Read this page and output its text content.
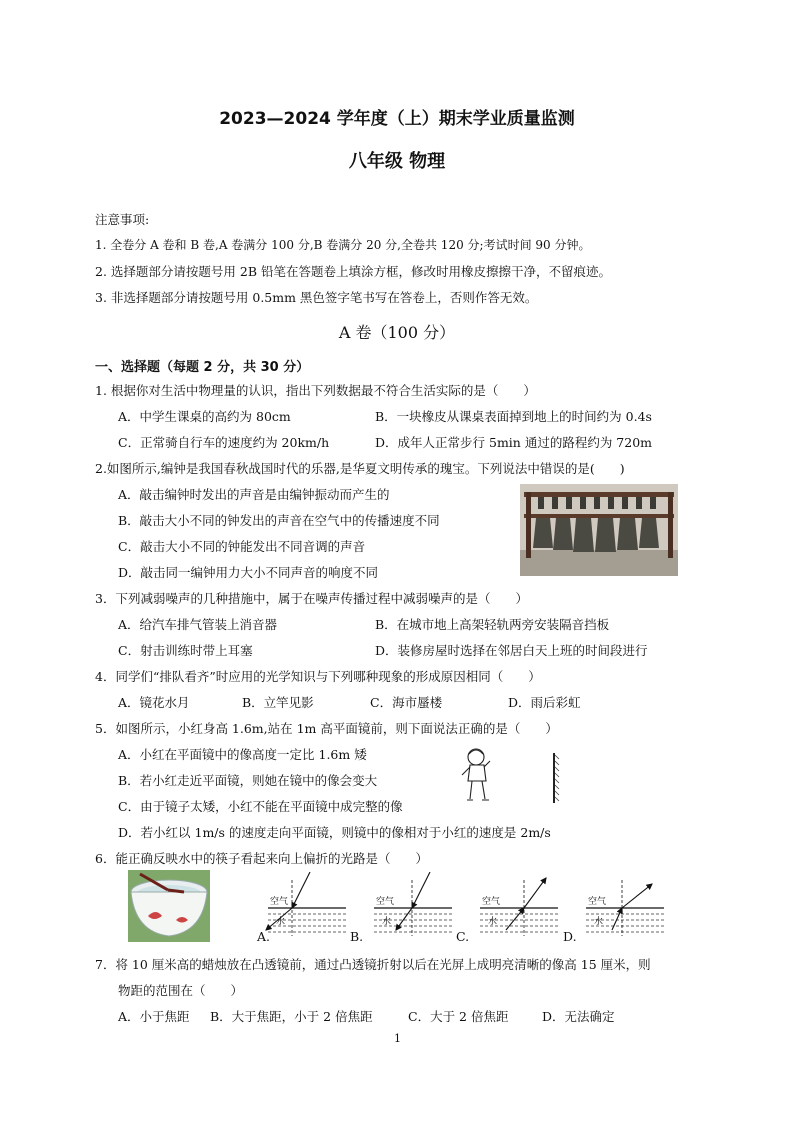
2023—2024 学年度（上）期末学业质量监测
八年级 物理
注意事项:
1. 全卷分 A 卷和 B 卷,A 卷满分 100 分,B 卷满分 20 分,全卷共 120 分;考试时间 90 分钟。
2. 选择题部分请按题号用 2B 铅笔在答题卷上填涂方框，修改时用橡皮擦擦干净，不留痕迹。
3. 非选择题部分请按题号用 0.5mm 黑色签字笔书写在答卷上，否则作答无效。
A 卷（100 分）
一、选择题（每题 2 分，共 30 分）
1. 根据你对生活中物理量的认识，指出下列数据最不符合生活实际的是（　　）
A．中学生课桌的高约为 80cm	B．一块橡皮从课桌表面掉到地上的时间约为 0.4s
C．正常骑自行车的速度约为 20km/h	D．成年人正常步行 5min 通过的路程约为 720m
2.如图所示,编钟是我国春秋战国时代的乐器,是华夏文明传承的瑰宝。下列说法中错误的是(　　)
A．敲击编钟时发出的声音是由编钟振动而产生的
B．敲击大小不同的钟发出的声音在空气中的传播速度不同
C．敲击大小不同的钟能发出不同音调的声音
D．敲击同一编钟用力大小不同声音的响度不同
3．下列减弱噪声的几种措施中，属于在噪声传播过程中减弱噪声的是（　　）
A．给汽车排气管装上消音器	B．在城市地上高架轻轨两旁安装隔音挡板
C．射击训练时带上耳塞	D．装修房屋时选择在邻居白天上班的时间段进行
4．同学们“排队看齐”时应用的光学知识与下列哪种现象的形成原因相同（　　）
A．镜花水月	B．立竿见影	C．海市蜃楼	D．雨后彩虹
5．如图所示，小红身高 1.6m,站在 1m 高平面镜前，则下面说法正确的是（　　）
A．小红在平面镜中的像高度一定比 1.6m 矮
B．若小红走近平面镜，则她在镜中的像会变大
C．由于镜子太矮，小红不能在平面镜中成完整的像
D．若小红以 1m/s 的速度走向平面镜，则镜中的像相对于小红的速度是 2m/s
6．能正确反映水中的筷子看起来向上偏折的光路是（　　）
空气
水
空气
水
空气
水
空气
水
A.	B.	C.	D.
7．将 10 厘米高的蜡烛放在凸透镜前，通过凸透镜折射以后在光屏上成明亮清晰的像高 15 厘米，则
物距的范围在（　　）
A．小于焦距 B．大于焦距，小于 2 倍焦距	C．大于 2 倍焦距	D．无法确定
1
